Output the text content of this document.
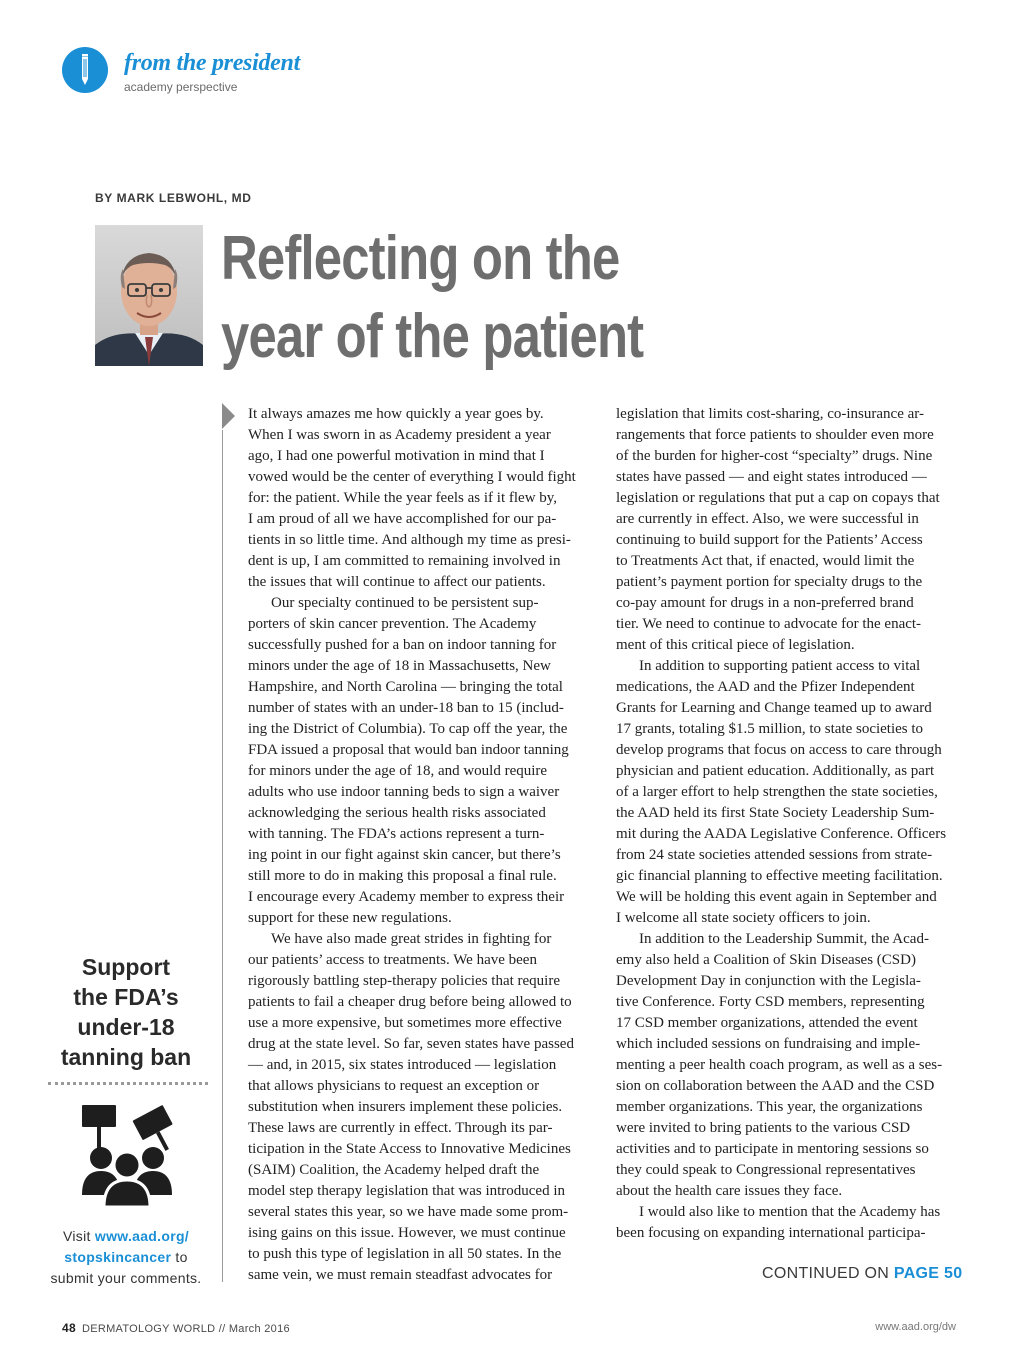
from the president
academy perspective
BY MARK LEBWOHL, MD
Reflecting on the
year of the patient
It always amazes me how quickly a year goes by.
When I was sworn in as Academy president a year
ago, I had one powerful motivation in mind that I
vowed would be the center of everything I would fight
for: the patient. While the year feels as if it flew by,
I am proud of all we have accomplished for our pa-
tients in so little time. And although my time as presi-
dent is up, I am committed to remaining involved in
the issues that will continue to affect our patients.
Our specialty continued to be persistent sup-
porters of skin cancer prevention. The Academy
successfully pushed for a ban on indoor tanning for
minors under the age of 18 in Massachusetts, New
Hampshire, and North Carolina — bringing the total
number of states with an under-18 ban to 15 (includ-
ing the District of Columbia). To cap off the year, the
FDA issued a proposal that would ban indoor tanning
for minors under the age of 18, and would require
adults who use indoor tanning beds to sign a waiver
acknowledging the serious health risks associated
with tanning. The FDA’s actions represent a turn-
ing point in our fight against skin cancer, but there’s
still more to do in making this proposal a final rule.
I encourage every Academy member to express their
support for these new regulations.
We have also made great strides in fighting for
our patients’ access to treatments. We have been
rigorously battling step-therapy policies that require
patients to fail a cheaper drug before being allowed to
use a more expensive, but sometimes more effective
drug at the state level. So far, seven states have passed
— and, in 2015, six states introduced — legislation
that allows physicians to request an exception or
substitution when insurers implement these policies.
These laws are currently in effect. Through its par-
ticipation in the State Access to Innovative Medicines
(SAIM) Coalition, the Academy helped draft the
model step therapy legislation that was introduced in
several states this year, so we have made some prom-
ising gains on this issue. However, we must continue
to push this type of legislation in all 50 states. In the
same vein, we must remain steadfast advocates for
legislation that limits cost-sharing, co-insurance ar-
rangements that force patients to shoulder even more
of the burden for higher-cost “specialty” drugs. Nine
states have passed — and eight states introduced —
legislation or regulations that put a cap on copays that
are currently in effect. Also, we were successful in
continuing to build support for the Patients’ Access
to Treatments Act that, if enacted, would limit the
patient’s payment portion for specialty drugs to the
co-pay amount for drugs in a non-preferred brand
tier. We need to continue to advocate for the enact-
ment of this critical piece of legislation.
In addition to supporting patient access to vital
medications, the AAD and the Pfizer Independent
Grants for Learning and Change teamed up to award
17 grants, totaling $1.5 million, to state societies to
develop programs that focus on access to care through
physician and patient education. Additionally, as part
of a larger effort to help strengthen the state societies,
the AAD held its first State Society Leadership Sum-
mit during the AADA Legislative Conference. Officers
from 24 state societies attended sessions from strate-
gic financial planning to effective meeting facilitation.
We will be holding this event again in September and
I welcome all state society officers to join.
In addition to the Leadership Summit, the Acad-
emy also held a Coalition of Skin Diseases (CSD)
Development Day in conjunction with the Legisla-
tive Conference. Forty CSD members, representing
17 CSD member organizations, attended the event
which included sessions on fundraising and imple-
menting a peer health coach program, as well as a ses-
sion on collaboration between the AAD and the CSD
member organizations. This year, the organizations
were invited to bring patients to the various CSD
activities and to participate in mentoring sessions so
they could speak to Congressional representatives
about the health care issues they face.
I would also like to mention that the Academy has
been focusing on expanding international participa-
CONTINUED ON PAGE 50
Support
the FDA’s
under-18
tanning ban
Visit www.aad.org/
stopskincancer to
submit your comments.
48 DERMATOLOGY WORLD // March 2016	www.aad.org/dw
